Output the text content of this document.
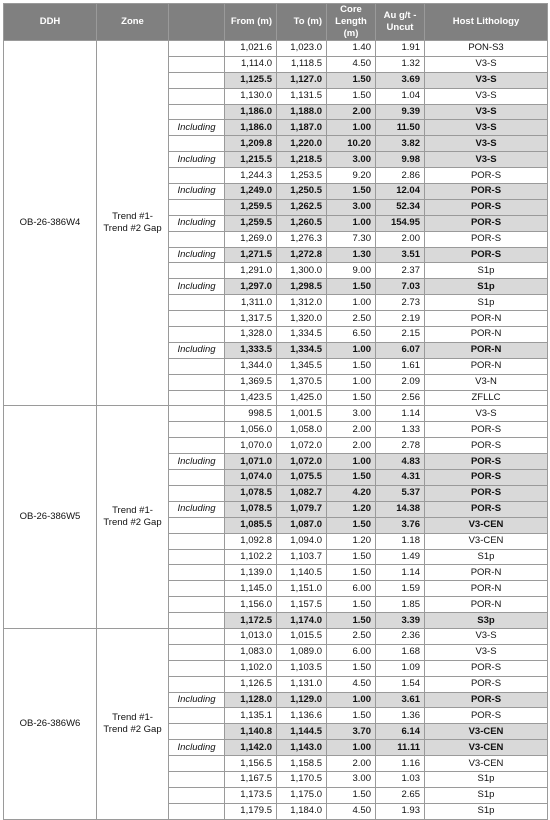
DDH	Zone		From (m)	To (m)	Core Length (m)	Au g/t - Uncut	Host Lithology
OB-26-386W4	Trend #1-Trend #2 Gap		1,021.6	1,023.0	1.40	1.91	PON-S3
			1,114.0	1,118.5	4.50	1.32	V3-S
			1,125.5	1,127.0	1.50	3.69	V3-S
			1,130.0	1,131.5	1.50	1.04	V3-S
			1,186.0	1,188.0	2.00	9.39	V3-S
		Including	1,186.0	1,187.0	1.00	11.50	V3-S
			1,209.8	1,220.0	10.20	3.82	V3-S
		Including	1,215.5	1,218.5	3.00	9.98	V3-S
			1,244.3	1,253.5	9.20	2.86	POR-S
		Including	1,249.0	1,250.5	1.50	12.04	POR-S
			1,259.5	1,262.5	3.00	52.34	POR-S
		Including	1,259.5	1,260.5	1.00	154.95	POR-S
			1,269.0	1,276.3	7.30	2.00	POR-S
		Including	1,271.5	1,272.8	1.30	3.51	POR-S
			1,291.0	1,300.0	9.00	2.37	S1p
		Including	1,297.0	1,298.5	1.50	7.03	S1p
			1,311.0	1,312.0	1.00	2.73	S1p
			1,317.5	1,320.0	2.50	2.19	POR-N
			1,328.0	1,334.5	6.50	2.15	POR-N
		Including	1,333.5	1,334.5	1.00	6.07	POR-N
			1,344.0	1,345.5	1.50	1.61	POR-N
			1,369.5	1,370.5	1.00	2.09	V3-N
			1,423.5	1,425.0	1.50	2.56	ZFLLC
OB-26-386W5	Trend #1-Trend #2 Gap		998.5	1,001.5	3.00	1.14	V3-S
			1,056.0	1,058.0	2.00	1.33	POR-S
			1,070.0	1,072.0	2.00	2.78	POR-S
		Including	1,071.0	1,072.0	1.00	4.83	POR-S
			1,074.0	1,075.5	1.50	4.31	POR-S
			1,078.5	1,082.7	4.20	5.37	POR-S
		Including	1,078.5	1,079.7	1.20	14.38	POR-S
			1,085.5	1,087.0	1.50	3.76	V3-CEN
			1,092.8	1,094.0	1.20	1.18	V3-CEN
			1,102.2	1,103.7	1.50	1.49	S1p
			1,139.0	1,140.5	1.50	1.14	POR-N
			1,145.0	1,151.0	6.00	1.59	POR-N
			1,156.0	1,157.5	1.50	1.85	POR-N
			1,172.5	1,174.0	1.50	3.39	S3p
OB-26-386W6	Trend #1-Trend #2 Gap		1,013.0	1,015.5	2.50	2.36	V3-S
			1,083.0	1,089.0	6.00	1.68	V3-S
			1,102.0	1,103.5	1.50	1.09	POR-S
			1,126.5	1,131.0	4.50	1.54	POR-S
		Including	1,128.0	1,129.0	1.00	3.61	POR-S
			1,135.1	1,136.6	1.50	1.36	POR-S
			1,140.8	1,144.5	3.70	6.14	V3-CEN
		Including	1,142.0	1,143.0	1.00	11.11	V3-CEN
			1,156.5	1,158.5	2.00	1.16	V3-CEN
			1,167.5	1,170.5	3.00	1.03	S1p
			1,173.5	1,175.0	1.50	2.65	S1p
			1,179.5	1,184.0	4.50	1.93	S1p
